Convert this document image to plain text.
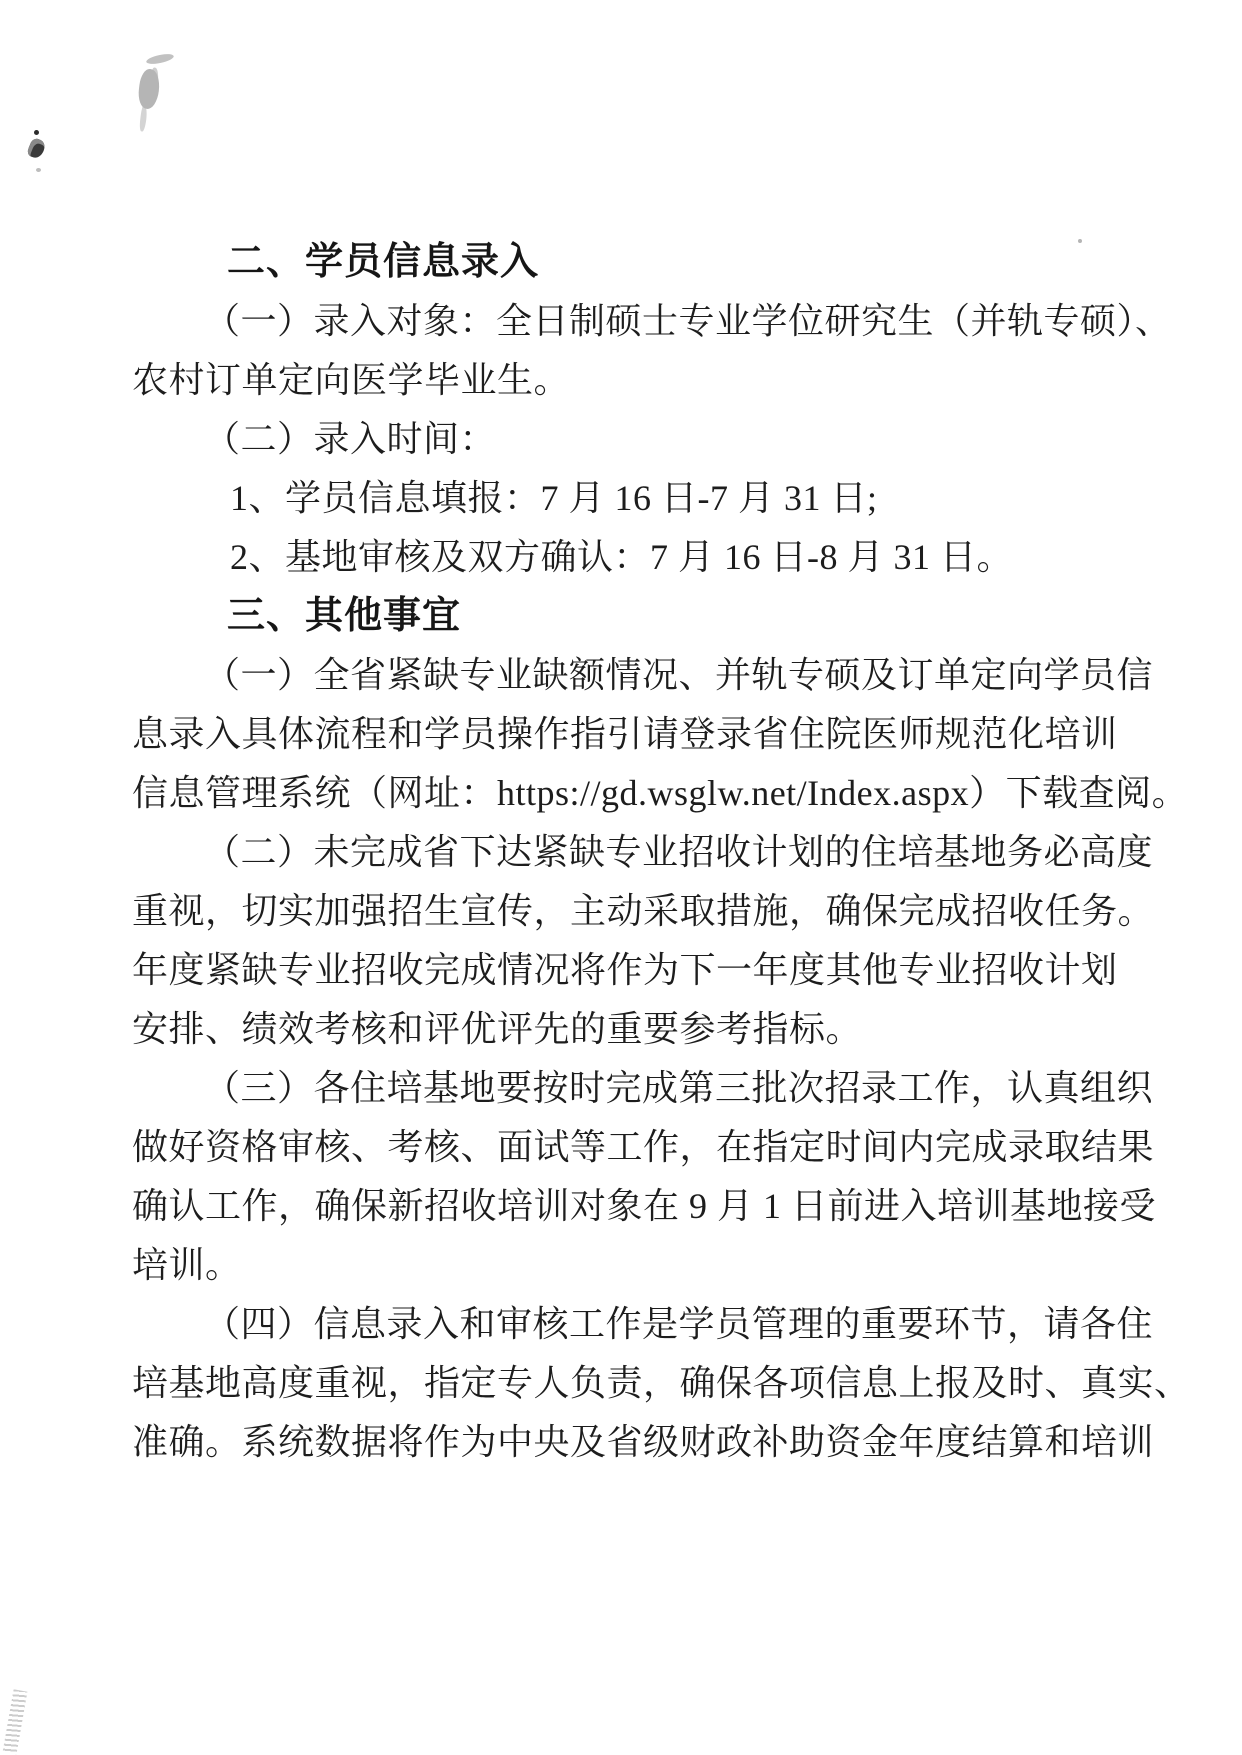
二、学员信息录入
（一）录入对象：全日制硕士专业学位研究生（并轨专硕）、
农村订单定向医学毕业生。
（二）录入时间：
1、学员信息填报：7 月 16 日-7 月 31 日;
2、基地审核及双方确认：7 月 16 日-8 月 31 日。
三、其他事宜
（一）全省紧缺专业缺额情况、并轨专硕及订单定向学员信
息录入具体流程和学员操作指引请登录省住院医师规范化培训
信息管理系统（网址：https://gd.wsglw.net/Index.aspx）下载查阅。
（二）未完成省下达紧缺专业招收计划的住培基地务必高度
重视，切实加强招生宣传，主动采取措施，确保完成招收任务。
年度紧缺专业招收完成情况将作为下一年度其他专业招收计划
安排、绩效考核和评优评先的重要参考指标。
（三）各住培基地要按时完成第三批次招录工作，认真组织
做好资格审核、考核、面试等工作，在指定时间内完成录取结果
确认工作，确保新招收培训对象在 9 月 1 日前进入培训基地接受
培训。
（四）信息录入和审核工作是学员管理的重要环节，请各住
培基地高度重视，指定专人负责，确保各项信息上报及时、真实、
准确。系统数据将作为中央及省级财政补助资金年度结算和培训
